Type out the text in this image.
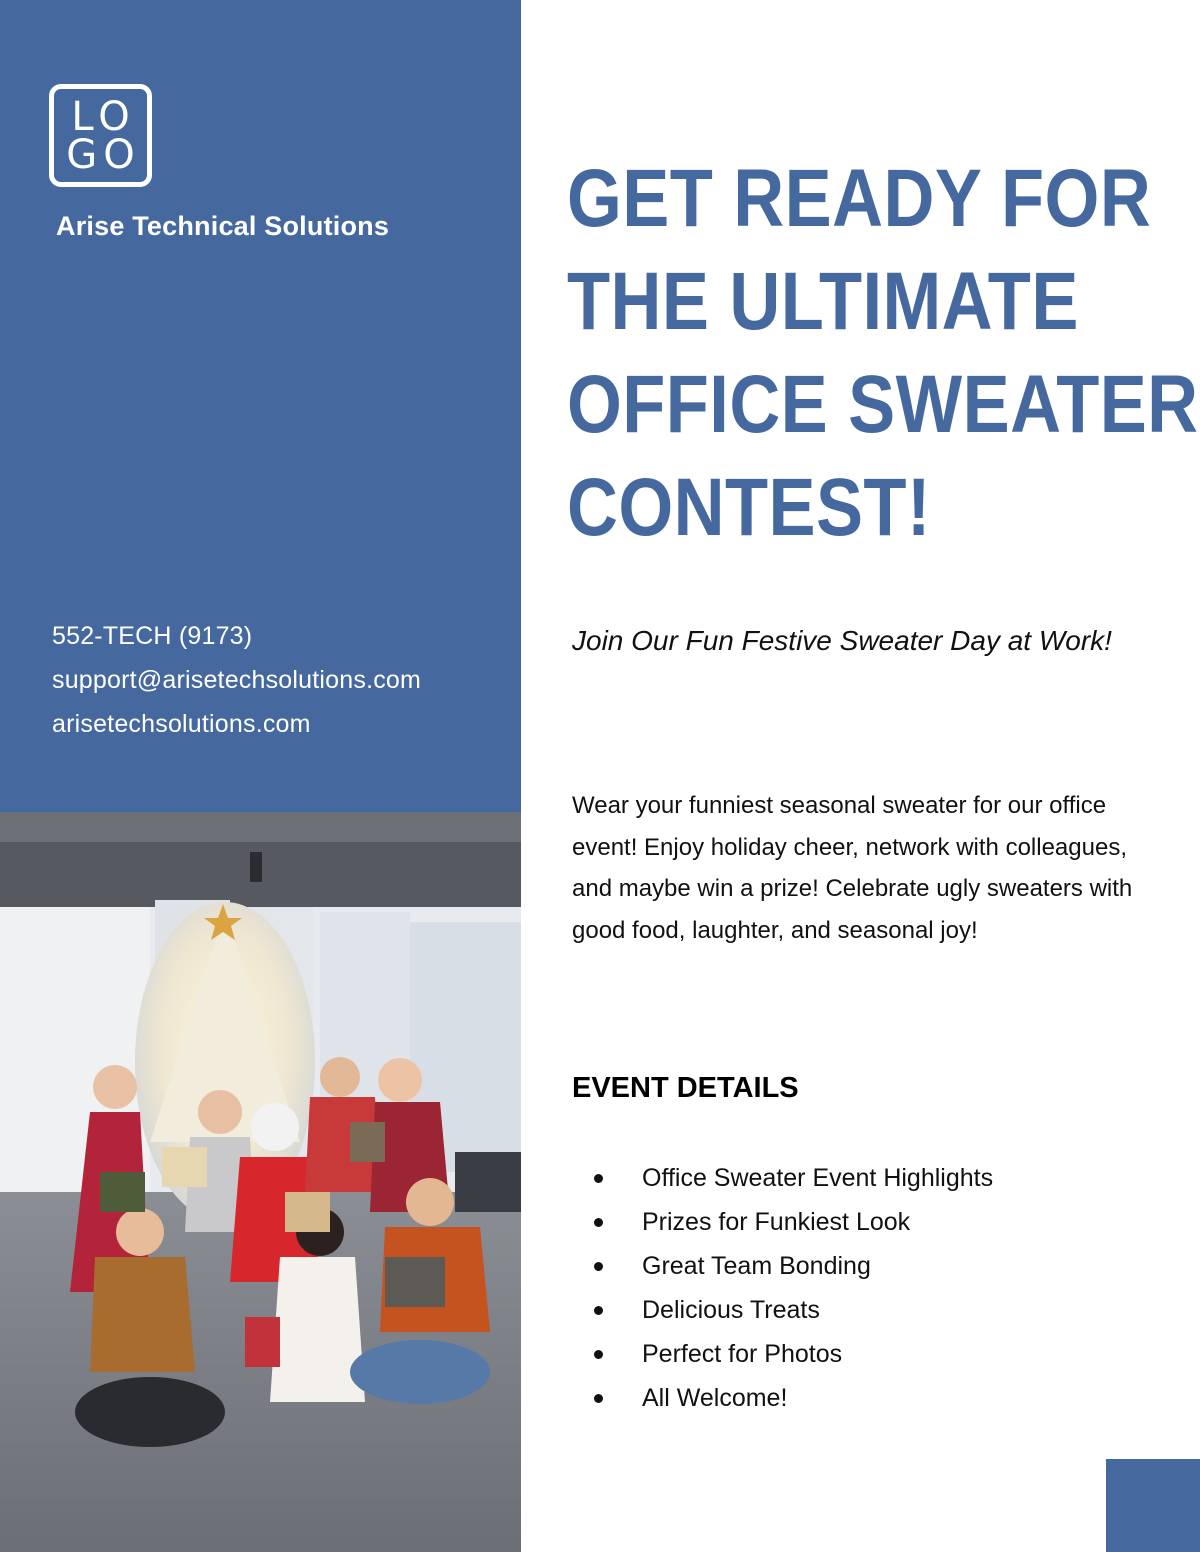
LO
GO
Arise Technical Solutions
552-TECH (9173)
support@arisetechsolutions.com
arisetechsolutions.com
GET READY FOR
THE ULTIMATE
OFFICE SWEATER
CONTEST!
Join Our Fun Festive Sweater Day at Work!
Wear your funniest seasonal sweater for our office event! Enjoy holiday cheer, network with colleagues, and maybe win a prize! Celebrate ugly sweaters with good food, laughter, and seasonal joy!
EVENT DETAILS
Office Sweater Event Highlights
Prizes for Funkiest Look
Great Team Bonding
Delicious Treats
Perfect for Photos
All Welcome!
